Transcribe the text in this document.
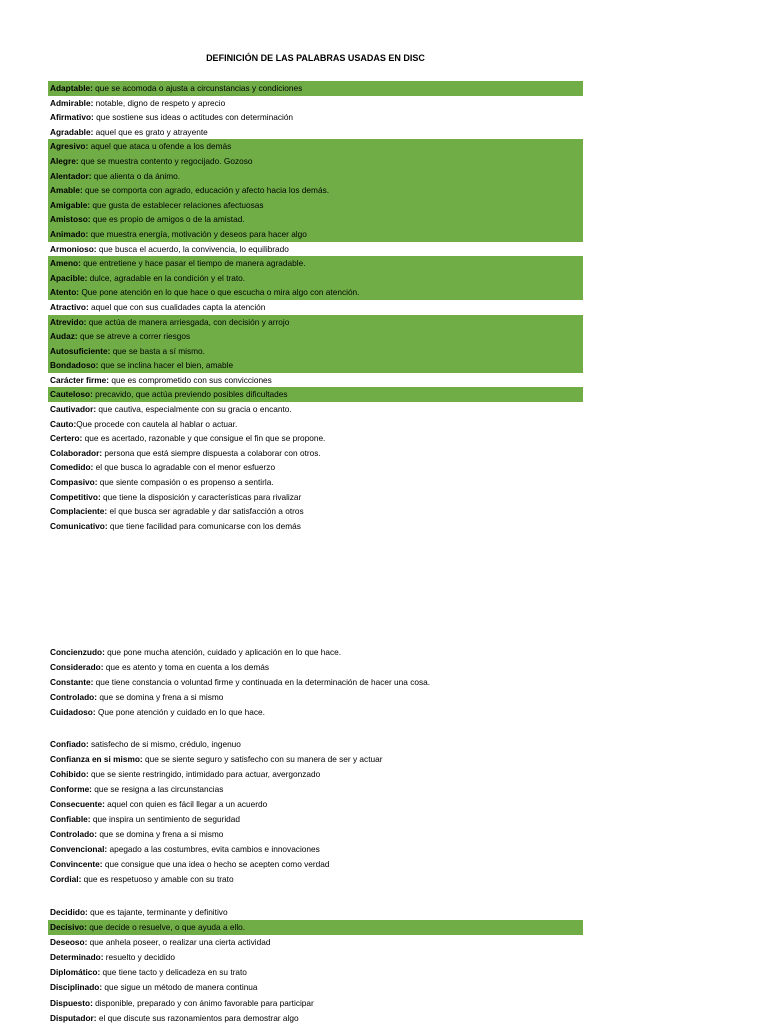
DEFINICIÓN DE LAS PALABRAS USADAS EN DISC
Adaptable: que se acomoda o ajusta a circunstancias y condiciones
Admirable: notable, digno de respeto y aprecio
Afirmativo: que sostiene sus ideas o actitudes con determinación
Agradable: aquel que es grato y atrayente
Agresivo: aquel que ataca u ofende a los demás
Alegre: que se muestra contento y regocijado. Gozoso
Alentador: que alienta o da ánimo.
Amable: que se comporta con agrado, educación y afecto hacia los demás.
Amigable: que gusta de establecer relaciones afectuosas
Amistoso: que es propio de amigos o de la amistad.
Animado: que muestra energía, motivación y deseos para hacer algo
Armonioso: que busca el acuerdo, la convivencia, lo equilibrado
Ameno: que entretiene y hace pasar el tiempo de manera agradable.
Apacible: dulce, agradable en la condición y el trato.
Atento: Que pone atención en lo que hace o que escucha o mira algo con atención.
Atractivo: aquel que con sus cualidades capta la atención
Atrevido: que actúa de manera arriesgada, con decisión y arrojo
Audaz: que se atreve a correr riesgos
Autosuficiente: que se basta a sí mismo.
Bondadoso: que se inclina hacer el bien, amable
Carácter firme: que es comprometido con sus convicciones
Cauteloso: precavido, que actúa previendo posibles dificultades
Cautivador: que cautiva, especialmente con su gracia o encanto.
Cauto:Que procede con cautela al hablar o actuar.
Certero: que es acertado, razonable y que consigue el fin que se propone.
Colaborador: persona que está siempre dispuesta a colaborar con otros.
Comedido: el que busca lo agradable con el menor esfuerzo
Compasivo: que siente compasión o es propenso a sentirla.
Competitivo: que tiene la disposición y características para rivalizar
Complaciente: el que busca ser agradable y dar satisfacción a otros
Comunicativo: que tiene facilidad para comunicarse con los demás
Concienzudo: que pone mucha atención, cuidado y aplicación en lo que hace.
Considerado: que es atento y toma en cuenta a los demás
Constante: que tiene constancia o voluntad firme y continuada en la determinación de hacer una cosa.
Controlado: que se domina y frena a si mismo
Cuidadoso: Que pone atención y cuidado en lo que hace.
Confiado: satisfecho de si mismo, crédulo, ingenuo
Confianza en si mismo: que se siente seguro y satisfecho con su manera de ser y actuar
Cohibido: que se siente restringido, intimidado para actuar, avergonzado
Conforme: que se resigna a las circunstancias
Consecuente: aquel con quien es fácil llegar a un acuerdo
Confiable: que inspira un sentimiento de seguridad
Controlado: que se domina y frena a si mismo
Convencional: apegado a las costumbres, evita cambios e innovaciones
Convincente: que consigue que una idea o hecho se acepten como verdad
Cordial: que es respetuoso y amable con su trato
Decidido: que es tajante, terminante y definitivo
Decisivo: que decide o resuelve, o que ayuda a ello.
Deseoso: que anhela poseer, o realizar una cierta actividad
Determinado: resuelto y decidido
Diplomático: que tiene tacto y delicadeza en su trato
Disciplinado: que sigue un método de manera continua
Dispuesto: disponible, preparado y con ánimo favorable para participar
Disputador: el que discute sus razonamientos para demostrar algo
